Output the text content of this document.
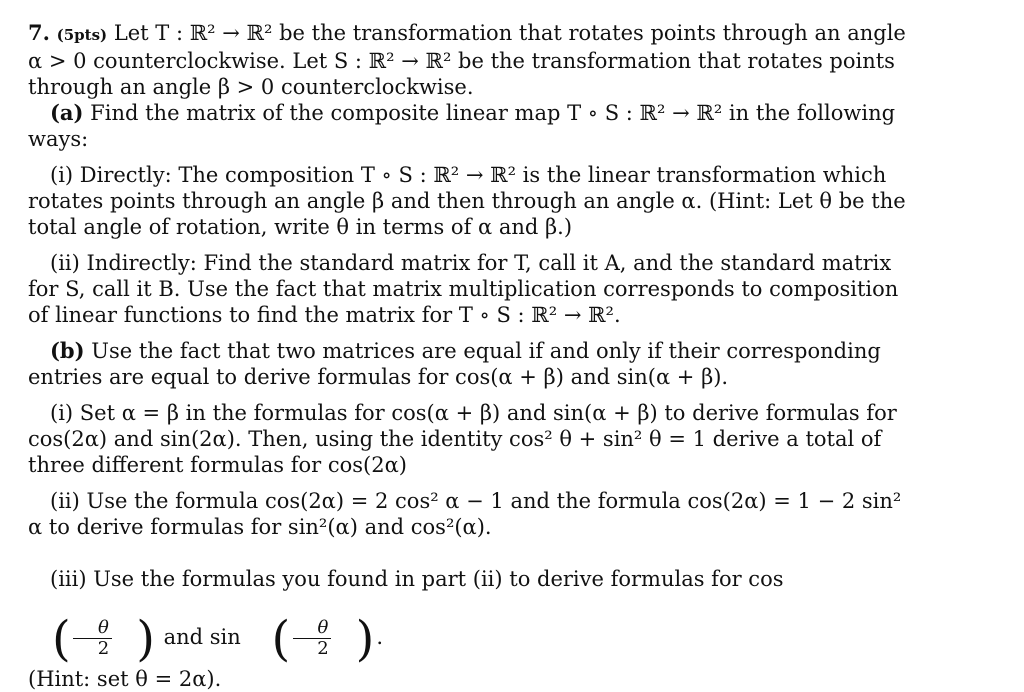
7. (5pts) Let T : ℝ² → ℝ² be the transformation that rotates points through an angle α > 0 counterclockwise. Let S : ℝ² → ℝ² be the transformation that rotates points through an angle β > 0 counterclockwise.

(a) Find the matrix of the composite linear map T ∘ S : ℝ² → ℝ² in the following ways:

(i) Directly: The composition T ∘ S : ℝ² → ℝ² is the linear transformation which rotates points through an angle β and then through an angle α. (Hint: Let θ be the total angle of rotation, write θ in terms of α and β.)

(ii) Indirectly: Find the standard matrix for T, call it A, and the standard matrix for S, call it B. Use the fact that matrix multiplication corresponds to composition of linear functions to find the matrix for T ∘ S : ℝ² → ℝ².

(b) Use the fact that two matrices are equal if and only if their corresponding entries are equal to derive formulas for cos(α + β) and sin(α + β).

(i) Set α = β in the formulas for cos(α + β) and sin(α + β) to derive formulas for cos(2α) and sin(2α). Then, using the identity cos² θ + sin² θ = 1 derive a total of three different formulas for cos(2α)

(ii) Use the formula cos(2α) = 2 cos² α − 1 and the formula cos(2α) = 1 − 2 sin² α to derive formulas for sin²(α) and cos²(α).

(iii) Use the formulas you found in part (ii) to derive formulas for cos
( $\frac{\theta}{2}$ ) and sin ( $\frac{\theta}{2}$ ) .

(Hint: set θ = 2α).
